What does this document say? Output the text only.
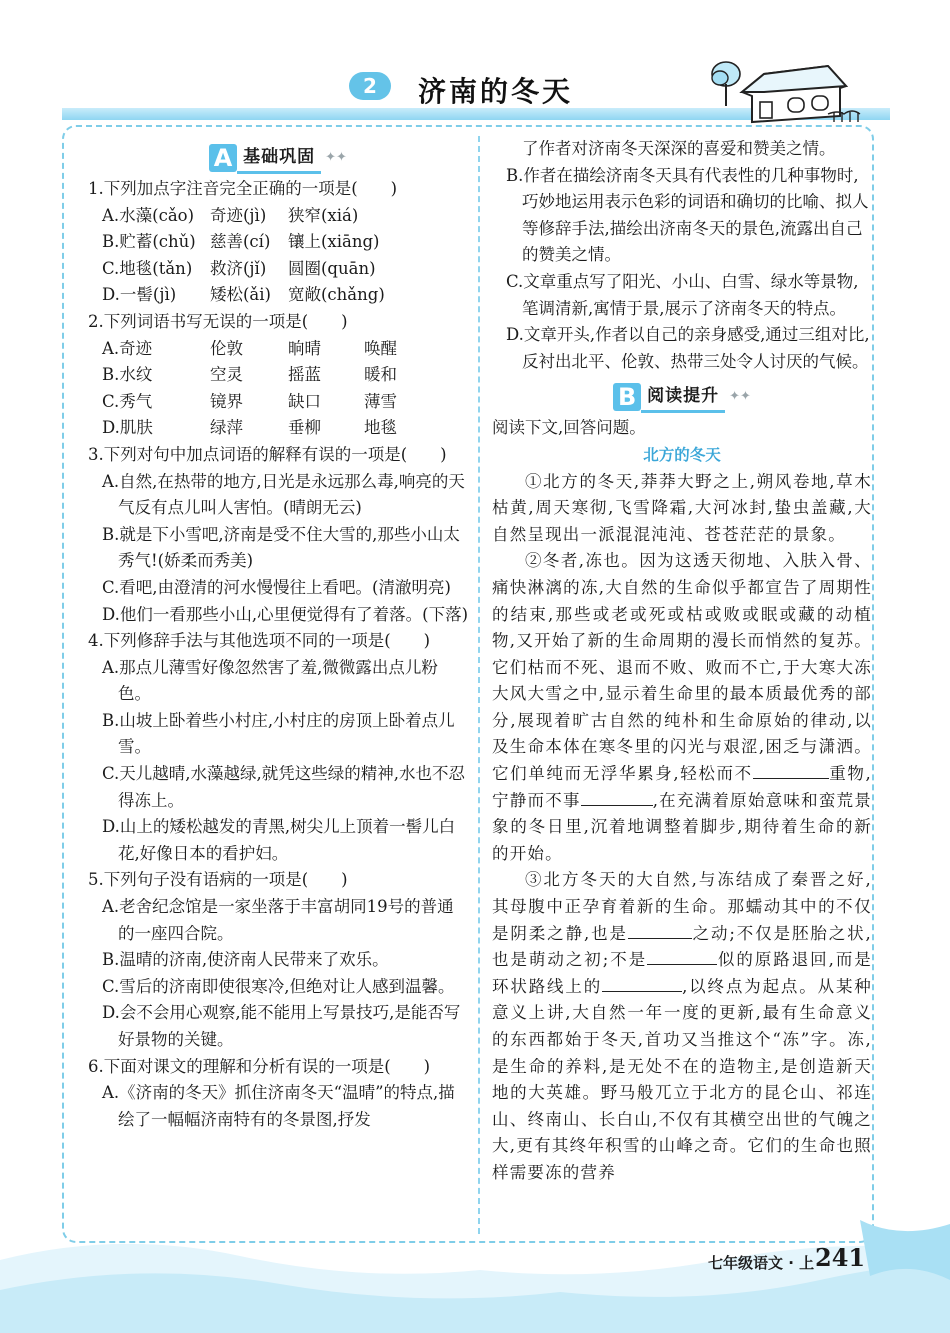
2	济南的冬天
A 基础巩固 ✦✦

1.下列加点字注音完全正确的一项是(　　)

A.水藻(cǎo) 奇迹(jì)	狭窄(xiá)
B.贮蓄(chǔ) 慈善(cí)	镶上(xiāng)
C.地毯(tǎn)	救济(jǐ)	圆圈(quān)
D.一髻(jì)	矮松(ǎi)	宽敞(chǎng)

2.下列词语书写无误的一项是(　　)

A.奇迹	伦敦	晌晴	唤醒
B.水纹	空灵	摇蓝	暖和
C.秀气	镜界	缺口	薄雪
D.肌肤	绿萍	垂柳	地毯

3.下列对句中加点词语的解释有误的一项是(　　)

A.自然,在热带的地方,日光是永远那么毒,响亮的天气反有点儿叫人害怕。(晴朗无云)

B.就是下小雪吧,济南是受不住大雪的,那些小山太秀气!(娇柔而秀美)

C.看吧,由澄清的河水慢慢往上看吧。(清澈明亮)

D.他们一看那些小山,心里便觉得有了着落。(下落)

4.下列修辞手法与其他选项不同的一项是(　　)

A.那点儿薄雪好像忽然害了羞,微微露出点儿粉色。

B.山坡上卧着些小村庄,小村庄的房顶上卧着点儿雪。

C.天儿越晴,水藻越绿,就凭这些绿的精神,水也不忍得冻上。

D.山上的矮松越发的青黑,树尖儿上顶着一髻儿白花,好像日本的看护妇。

5.下列句子没有语病的一项是(　　)

A.老舍纪念馆是一家坐落于丰富胡同19号的普通的一座四合院。

B.温晴的济南,使济南人民带来了欢乐。

C.雪后的济南即使很寒冷,但绝对让人感到温馨。

D.会不会用心观察,能不能用上写景技巧,是能否写好景物的关键。

6.下面对课文的理解和分析有误的一项是(　　)

A.《济南的冬天》抓住济南冬天“温晴”的特点,描绘了一幅幅济南特有的冬景图,抒发

了作者对济南冬天深深的喜爱和赞美之情。

B.作者在描绘济南冬天具有代表性的几种事物时,巧妙地运用表示色彩的词语和确切的比喻、拟人等修辞手法,描绘出济南冬天的景色,流露出自己的赞美之情。

C.文章重点写了阳光、小山、白雪、绿水等景物,笔调清新,寓情于景,展示了济南冬天的特点。

D.文章开头,作者以自己的亲身感受,通过三组对比,反衬出北平、伦敦、热带三处令人讨厌的气候。

B 阅读提升 ✦✦

阅读下文,回答问题。

北方的冬天

①北方的冬天,莽莽大野之上,朔风卷地,草木枯黄,周天寒彻,飞雪降霜,大河冰封,蛰虫盖藏,大自然呈现出一派混混沌沌、苍苍茫茫的景象。

②冬者,冻也。因为这透天彻地、入肤入骨、痛快淋漓的冻,大自然的生命似乎都宣告了周期性的结束,那些或老或死或枯或败或眠或藏的动植物,又开始了新的生命周期的漫长而悄然的复苏。它们枯而不死、退而不败、败而不亡,于大寒大冻大风大雪之中,显示着生命里的最本质最优秀的部分,展现着旷古自然的纯朴和生命原始的律动,以及生命本体在寒冬里的闪光与艰涩,困乏与潇洒。它们单纯而无浮华累身,轻松而不	重物,宁静而不事	,在充满着原始意味和蛮荒景象的冬日里,沉着地调整着脚步,期待着生命的新的开始。

③北方冬天的大自然,与冻结成了秦晋之好,其母腹中正孕育着新的生命。那蠕动其中的不仅是阴柔之静,也是	之动;不仅是胚胎之状,也是萌动之初;不是	似的原路退回,而是环状路线上的	,以终点为起点。从某种意义上讲,大自然一年一度的更新,最有生命意义的东西都始于冬天,首功又当推这个“冻”字。冻,是生命的养料,是无处不在的造物主,是创造新天地的大英雄。野马般兀立于北方的昆仑山、祁连山、终南山、长白山,不仅有其横空出世的气魄之大,更有其终年积雪的山峰之奇。它们的生命也照样需要冻的营养

七年级语文 · 上 241
